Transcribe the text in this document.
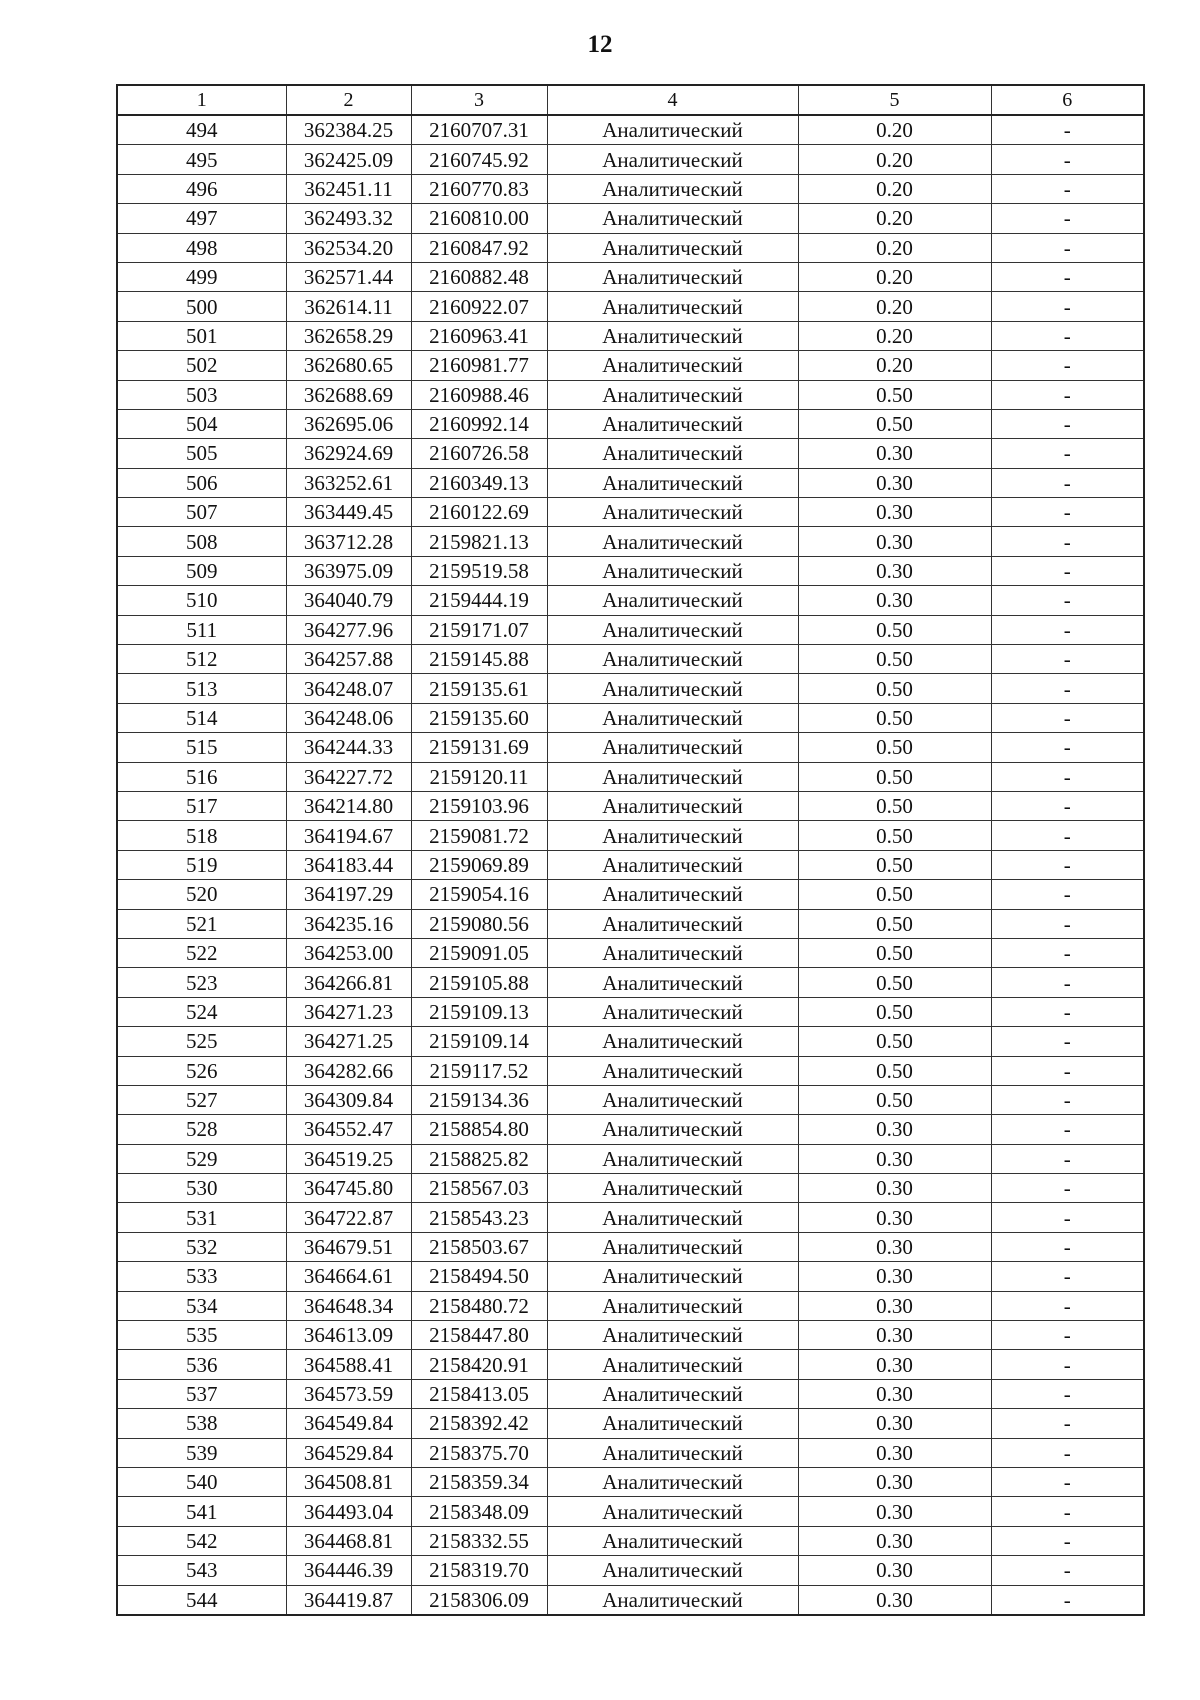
12
1	2	3	4	5	6
494	362384.25	2160707.31	Аналитический	0.20	-
495	362425.09	2160745.92	Аналитический	0.20	-
496	362451.11	2160770.83	Аналитический	0.20	-
497	362493.32	2160810.00	Аналитический	0.20	-
498	362534.20	2160847.92	Аналитический	0.20	-
499	362571.44	2160882.48	Аналитический	0.20	-
500	362614.11	2160922.07	Аналитический	0.20	-
501	362658.29	2160963.41	Аналитический	0.20	-
502	362680.65	2160981.77	Аналитический	0.20	-
503	362688.69	2160988.46	Аналитический	0.50	-
504	362695.06	2160992.14	Аналитический	0.50	-
505	362924.69	2160726.58	Аналитический	0.30	-
506	363252.61	2160349.13	Аналитический	0.30	-
507	363449.45	2160122.69	Аналитический	0.30	-
508	363712.28	2159821.13	Аналитический	0.30	-
509	363975.09	2159519.58	Аналитический	0.30	-
510	364040.79	2159444.19	Аналитический	0.30	-
511	364277.96	2159171.07	Аналитический	0.50	-
512	364257.88	2159145.88	Аналитический	0.50	-
513	364248.07	2159135.61	Аналитический	0.50	-
514	364248.06	2159135.60	Аналитический	0.50	-
515	364244.33	2159131.69	Аналитический	0.50	-
516	364227.72	2159120.11	Аналитический	0.50	-
517	364214.80	2159103.96	Аналитический	0.50	-
518	364194.67	2159081.72	Аналитический	0.50	-
519	364183.44	2159069.89	Аналитический	0.50	-
520	364197.29	2159054.16	Аналитический	0.50	-
521	364235.16	2159080.56	Аналитический	0.50	-
522	364253.00	2159091.05	Аналитический	0.50	-
523	364266.81	2159105.88	Аналитический	0.50	-
524	364271.23	2159109.13	Аналитический	0.50	-
525	364271.25	2159109.14	Аналитический	0.50	-
526	364282.66	2159117.52	Аналитический	0.50	-
527	364309.84	2159134.36	Аналитический	0.50	-
528	364552.47	2158854.80	Аналитический	0.30	-
529	364519.25	2158825.82	Аналитический	0.30	-
530	364745.80	2158567.03	Аналитический	0.30	-
531	364722.87	2158543.23	Аналитический	0.30	-
532	364679.51	2158503.67	Аналитический	0.30	-
533	364664.61	2158494.50	Аналитический	0.30	-
534	364648.34	2158480.72	Аналитический	0.30	-
535	364613.09	2158447.80	Аналитический	0.30	-
536	364588.41	2158420.91	Аналитический	0.30	-
537	364573.59	2158413.05	Аналитический	0.30	-
538	364549.84	2158392.42	Аналитический	0.30	-
539	364529.84	2158375.70	Аналитический	0.30	-
540	364508.81	2158359.34	Аналитический	0.30	-
541	364493.04	2158348.09	Аналитический	0.30	-
542	364468.81	2158332.55	Аналитический	0.30	-
543	364446.39	2158319.70	Аналитический	0.30	-
544	364419.87	2158306.09	Аналитический	0.30	-
